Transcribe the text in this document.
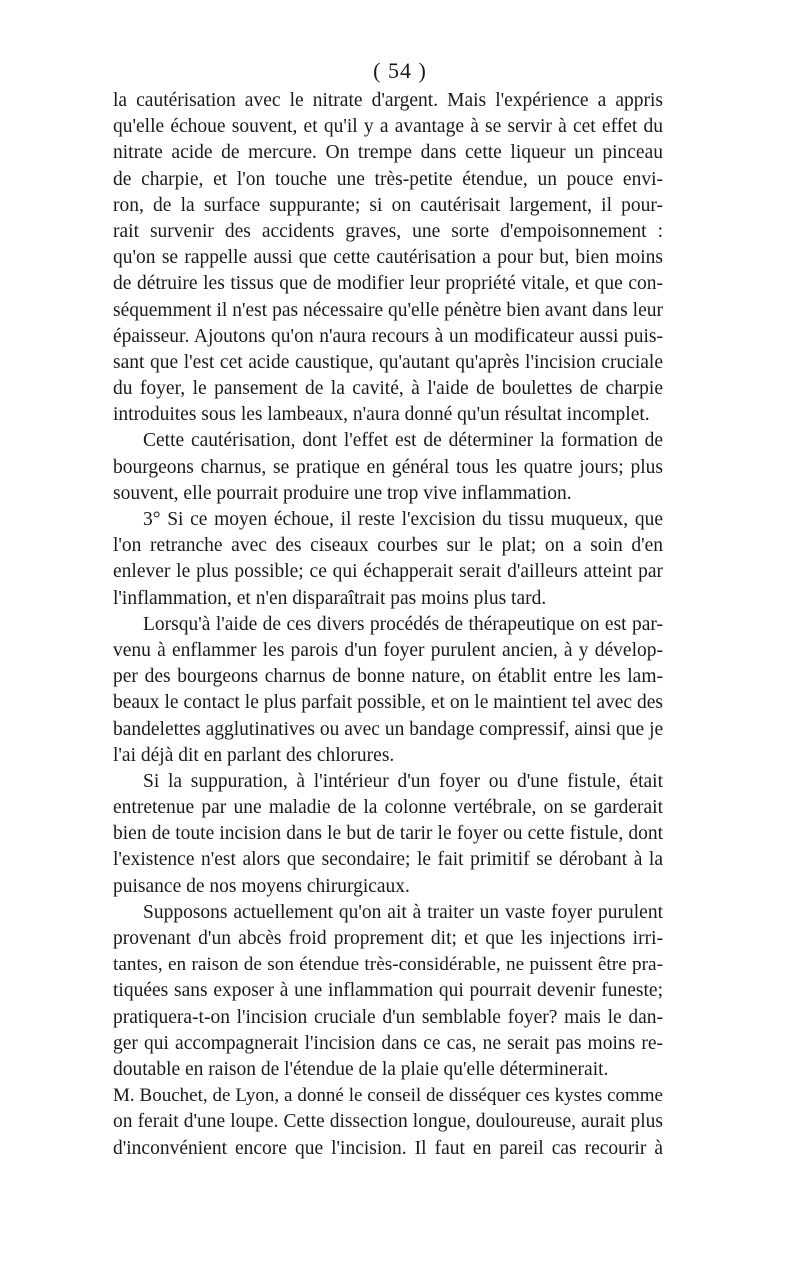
( 54 )
la cautérisation avec le nitrate d'argent. Mais l'expérience a appris
qu'elle échoue souvent, et qu'il y a avantage à se servir à cet effet du
nitrate acide de mercure. On trempe dans cette liqueur un pinceau
de charpie, et l'on touche une très-petite étendue, un pouce envi-
ron, de la surface suppurante; si on cautérisait largement, il pour-
rait survenir des accidents graves, une sorte d'empoisonnement :
qu'on se rappelle aussi que cette cautérisation a pour but, bien moins
de détruire les tissus que de modifier leur propriété vitale, et que con-
séquemment il n'est pas nécessaire qu'elle pénètre bien avant dans leur
épaisseur. Ajoutons qu'on n'aura recours à un modificateur aussi puis-
sant que l'est cet acide caustique, qu'autant qu'après l'incision cruciale
du foyer, le pansement de la cavité, à l'aide de boulettes de charpie
introduites sous les lambeaux, n'aura donné qu'un résultat incomplet.
Cette cautérisation, dont l'effet est de déterminer la formation de
bourgeons charnus, se pratique en général tous les quatre jours; plus
souvent, elle pourrait produire une trop vive inflammation.
3° Si ce moyen échoue, il reste l'excision du tissu muqueux, que
l'on retranche avec des ciseaux courbes sur le plat; on a soin d'en
enlever le plus possible; ce qui échapperait serait d'ailleurs atteint par
l'inflammation, et n'en disparaîtrait pas moins plus tard.
Lorsqu'à l'aide de ces divers procédés de thérapeutique on est par-
venu à enflammer les parois d'un foyer purulent ancien, à y dévelop-
per des bourgeons charnus de bonne nature, on établit entre les lam-
beaux le contact le plus parfait possible, et on le maintient tel avec des
bandelettes agglutinatives ou avec un bandage compressif, ainsi que je
l'ai déjà dit en parlant des chlorures.
Si la suppuration, à l'intérieur d'un foyer ou d'une fistule, était
entretenue par une maladie de la colonne vertébrale, on se garderait
bien de toute incision dans le but de tarir le foyer ou cette fistule, dont
l'existence n'est alors que secondaire; le fait primitif se dérobant à la
puisance de nos moyens chirurgicaux.
Supposons actuellement qu'on ait à traiter un vaste foyer purulent
provenant d'un abcès froid proprement dit; et que les injections irri-
tantes, en raison de son étendue très-considérable, ne puissent être pra-
tiquées sans exposer à une inflammation qui pourrait devenir funeste;
pratiquera-t-on l'incision cruciale d'un semblable foyer? mais le dan-
ger qui accompagnerait l'incision dans ce cas, ne serait pas moins re-
doutable en raison de l'étendue de la plaie qu'elle déterminerait.
M. Bouchet, de Lyon, a donné le conseil de disséquer ces kystes comme
on ferait d'une loupe. Cette dissection longue, douloureuse, aurait plus
d'inconvénient encore que l'incision. Il faut en pareil cas recourir à
